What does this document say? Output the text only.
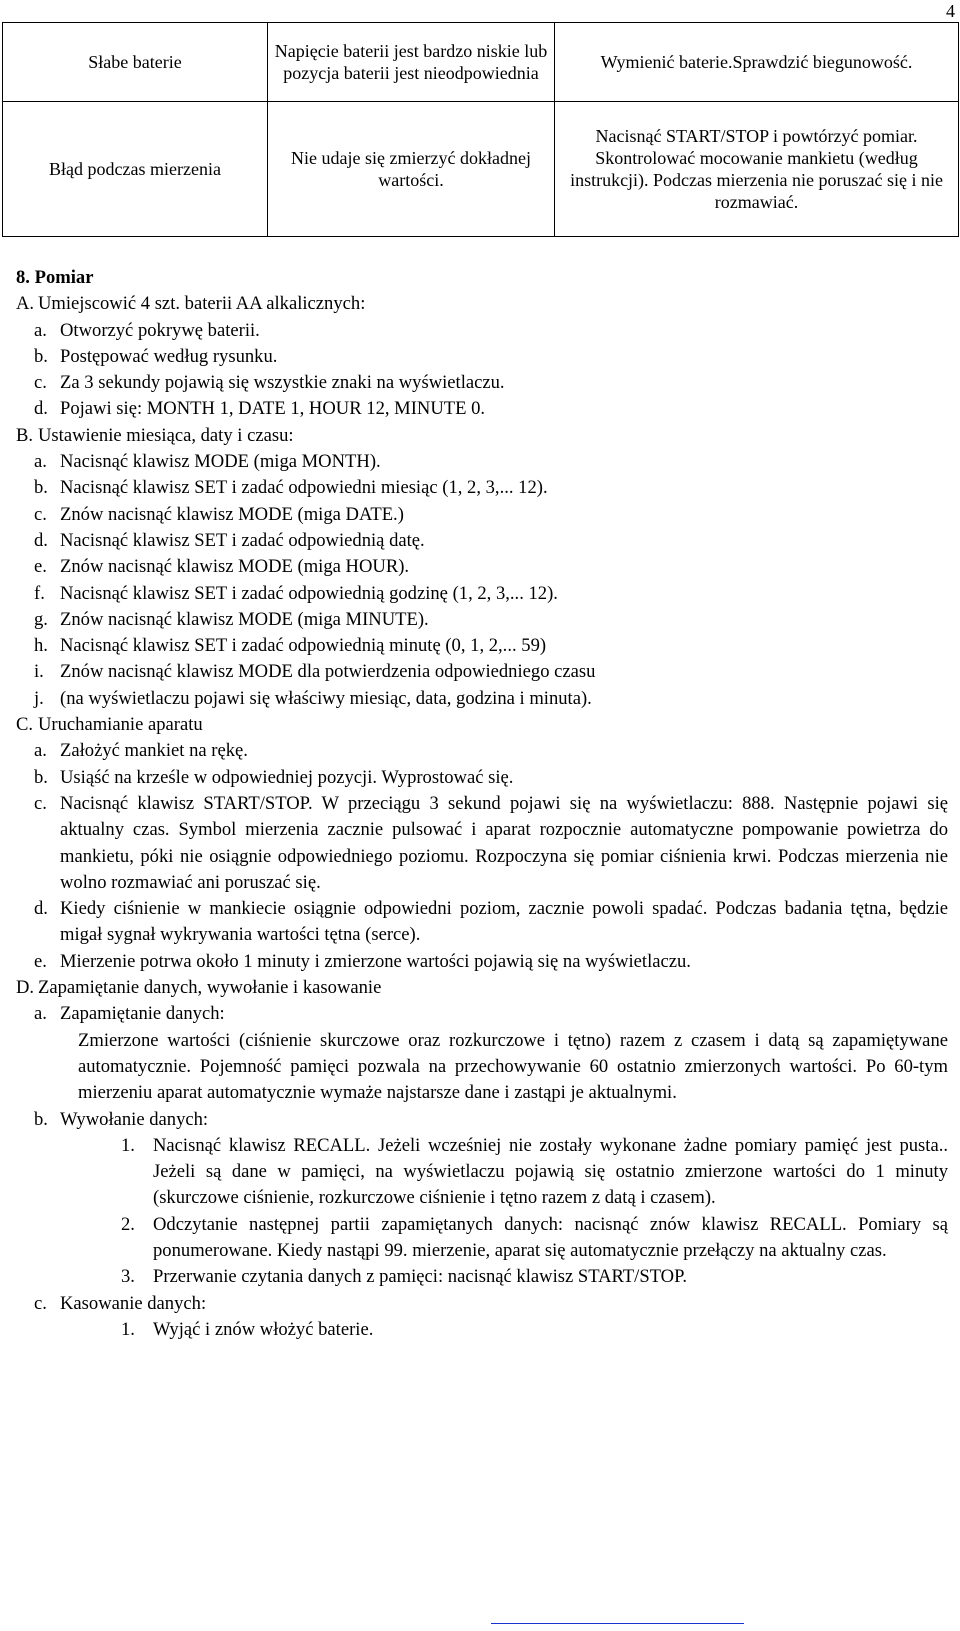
4
Słabe baterie	Napięcie baterii jest bardzo niskie lub pozycja baterii jest nieodpowiednia	Wymienić baterie.Sprawdzić biegunowość.
Błąd podczas mierzenia	Nie udaje się zmierzyć dokładnej wartości.	Nacisnąć START/STOP i powtórzyć pomiar. Skontrolować mocowanie mankietu (według instrukcji). Podczas mierzenia nie poruszać się i nie rozmawiać.
8. Pomiar
A. Umiejscowić 4 szt. baterii AA alkalicznych:
a. Otworzyć pokrywę baterii.
b. Postępować według rysunku.
c. Za 3 sekundy pojawią się wszystkie znaki na wyświetlaczu.
d. Pojawi się: MONTH 1, DATE 1, HOUR 12, MINUTE 0.
B. Ustawienie miesiąca, daty i czasu:
a. Nacisnąć klawisz MODE (miga MONTH).
b. Nacisnąć klawisz SET i zadać odpowiedni miesiąc (1, 2, 3,... 12).
c. Znów nacisnąć klawisz MODE (miga DATE.)
d. Nacisnąć klawisz SET i zadać odpowiednią datę.
e. Znów nacisnąć klawisz MODE (miga HOUR).
f. Nacisnąć klawisz SET i zadać odpowiednią godzinę (1, 2, 3,... 12).
g. Znów nacisnąć klawisz MODE (miga MINUTE).
h. Nacisnąć klawisz SET i zadać odpowiednią minutę (0, 1, 2,... 59)
i. Znów nacisnąć klawisz MODE dla potwierdzenia odpowiedniego czasu
j. (na wyświetlaczu pojawi się właściwy miesiąc, data, godzina i minuta).
C. Uruchamianie aparatu
a. Założyć mankiet na rękę.
b. Usiąść na krześle w odpowiedniej pozycji. Wyprostować się.
c. Nacisnąć klawisz START/STOP. W przeciągu 3 sekund pojawi się na wyświetlaczu: 888. Następnie pojawi się aktualny czas. Symbol mierzenia zacznie pulsować i aparat rozpocznie automatyczne pompowanie powietrza do mankietu, póki nie osiągnie odpowiedniego poziomu. Rozpoczyna się pomiar ciśnienia krwi. Podczas mierzenia nie wolno rozmawiać ani poruszać się.
d. Kiedy ciśnienie w mankiecie osiągnie odpowiedni poziom, zacznie powoli spadać. Podczas badania tętna, będzie migał sygnał wykrywania wartości tętna (serce).
e. Mierzenie potrwa około 1 minuty i zmierzone wartości pojawią się na wyświetlaczu.
D. Zapamiętanie danych, wywołanie i kasowanie
a. Zapamiętanie danych:
Zmierzone wartości (ciśnienie skurczowe oraz rozkurczowe i tętno) razem z czasem i datą są zapamiętywane automatycznie. Pojemność pamięci pozwala na przechowywanie 60 ostatnio zmierzonych wartości. Po 60-tym mierzeniu aparat automatycznie wymaże najstarsze dane i zastąpi je aktualnymi.
b. Wywołanie danych:
1. Nacisnąć klawisz RECALL. Jeżeli wcześniej nie zostały wykonane żadne pomiary pamięć jest pusta.. Jeżeli są dane w pamięci, na wyświetlaczu pojawią się ostatnio zmierzone wartości do 1 minuty (skurczowe ciśnienie, rozkurczowe ciśnienie i tętno razem z datą i czasem).
2. Odczytanie następnej partii zapamiętanych danych: nacisnąć znów klawisz RECALL. Pomiary są ponumerowane. Kiedy nastąpi 99. mierzenie, aparat się automatycznie przełączy na aktualny czas.
3. Przerwanie czytania danych z pamięci: nacisnąć klawisz START/STOP.
c. Kasowanie danych:
1. Wyjąć i znów włożyć baterie.
